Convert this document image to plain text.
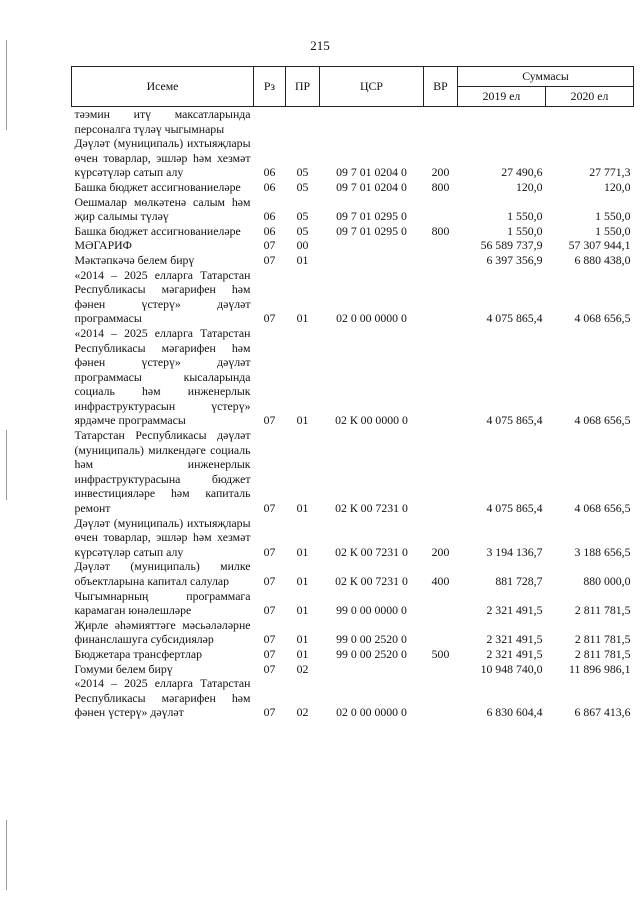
215
Исеме	Рз	ПР	ЦСР	ВР	Суммасы	
					2019 ел	2020 ел
тәэмин итү максатларында персоналга түләү чыгымнары						
Дәүләт (муниципаль) ихтыяҗлары өчен товарлар, эшләр һәм хезмәт күрсәтүләр сатып алу	06	05	09 7 01 0204 0	200	27 490,6	27 771,3
Башка бюджет ассигнованиеләре	06	05	09 7 01 0204 0	800	120,0	120,0
Оешмалар мөлкәтенә салым һәм җир салымы түләү	06	05	09 7 01 0295 0		1 550,0	1 550,0
Башка бюджет ассигнованиеләре	06	05	09 7 01 0295 0	800	1 550,0	1 550,0
МӘГАРИФ	07	00			56 589 737,9	57 307 944,1
Мәктәпкәчә белем бирү	07	01			6 397 356,9	6 880 438,0
«2014 – 2025 елларга Татарстан Республикасы мәгарифен һәм фәнен үстерү» дәүләт программасы	07	01	02 0 00 0000 0		4 075 865,4	4 068 656,5
«2014 – 2025 елларга Татарстан Республикасы мәгарифен һәм фәнен үстерү» дәүләт программасы кысаларында социаль һәм инженерлык инфраструктурасын үстерү» ярдәмче программасы	07	01	02 К 00 0000 0		4 075 865,4	4 068 656,5
Татарстан Республикасы дәүләт (муниципаль) милкендәге социаль һәм инженерлык инфраструктурасына бюджет инвестицияләре һәм капиталь ремонт	07	01	02 К 00 7231 0		4 075 865,4	4 068 656,5
Дәүләт (муниципаль) ихтыяҗлары өчен товарлар, эшләр һәм хезмәт күрсәтүләр сатып алу	07	01	02 К 00 7231 0	200	3 194 136,7	3 188 656,5
Дәүләт (муниципаль) милке объектларына капитал салулар	07	01	02 К 00 7231 0	400	881 728,7	880 000,0
Чыгымнарның программага карамаган юнәлешләре	07	01	99 0 00 0000 0		2 321 491,5	2 811 781,5
Җирле әһәмияттәге мәсьәләләрне финанслашуга субсидияләр	07	01	99 0 00 2520 0		2 321 491,5	2 811 781,5
Бюджетара трансфертлар	07	01	99 0 00 2520 0	500	2 321 491,5	2 811 781,5
Гомуми белем бирү	07	02			10 948 740,0	11 896 986,1
«2014 – 2025 елларга Татарстан Республикасы мәгарифен һәм фәнен үстерү» дәүләт	07	02	02 0 00 0000 0		6 830 604,4	6 867 413,6
